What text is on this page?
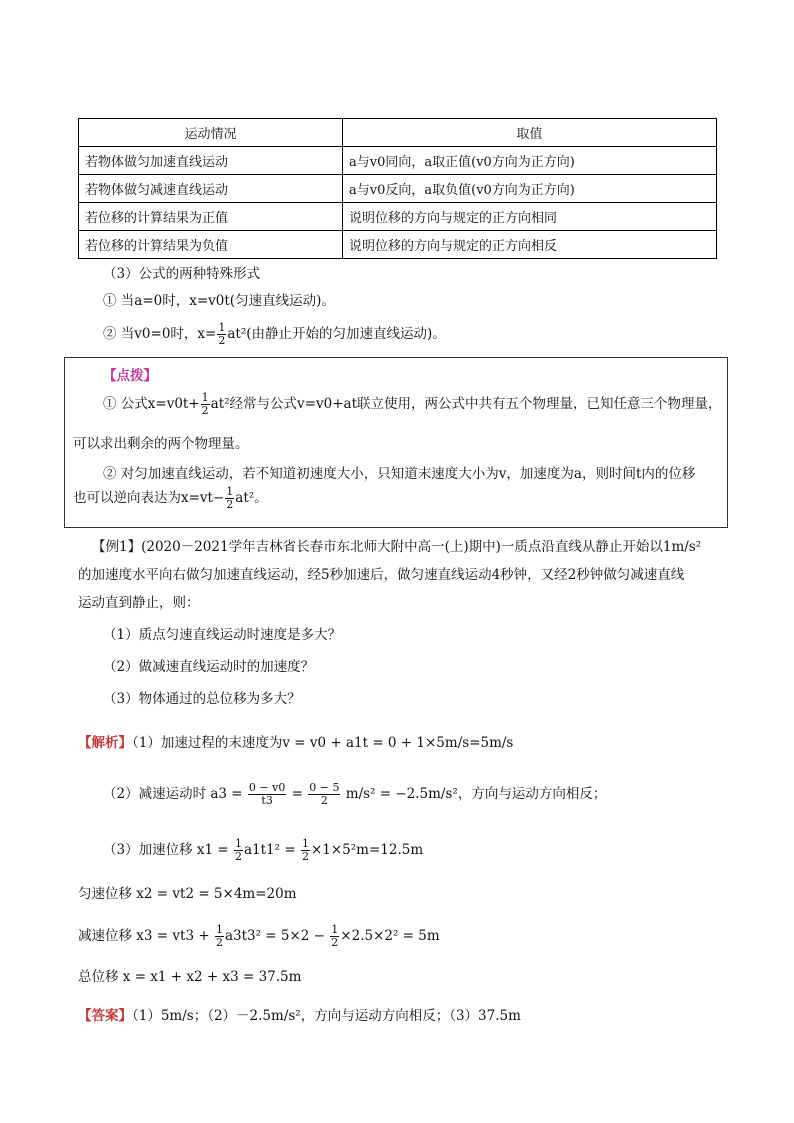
运动情况	取值
若物体做匀加速直线运动	a与v0同向，a取正值(v0方向为正方向)
若物体做匀减速直线运动	a与v0反向，a取负值(v0方向为正方向)
若位移的计算结果为正值	说明位移的方向与规定的正方向相同
若位移的计算结果为负值	说明位移的方向与规定的正方向相反
（3）公式的两种特殊形式
① 当a=0时，x=v0t(匀速直线运动)。
② 当v0=0时，$x= \frac{1}{2} at^2$(由静止开始的匀加速直线运动)。
【点拨】
① 公式$x=v0t+ \frac{1}{2} at^2$经常与公式v=v0+at联立使用，两公式中共有五个物理量，已知任意三个物理量，
可以求出剩余的两个物理量。
② 对匀加速直线运动，若不知道初速度大小，只知道末速度大小为v，加速度为a，则时间t内的位移
也可以逆向表达为$x=vt- \frac{1}{2} at^2$。
【例1】(2020－2021学年吉林省长春市东北师大附中高一(上)期中)一质点沿直线从静止开始以1m/s²
的加速度水平向右做匀加速直线运动，经5秒加速后，做匀速直线运动4秒钟，又经2秒钟做匀减速直线
运动直到静止，则：
（1）质点匀速直线运动时速度是多大？
（2）做减速直线运动时的加速度？
（3）物体通过的总位移为多大？
【解析】（1）加速过程的末速度为v = v0 + a1t = 0 + 1×5m/s=5m/s
（2）减速运动时 $a3 = \frac{0 - v0}{t3} = \frac{0 - 5}{2} m/s^2 = -2.5m/s^2$，方向与运动方向相反；
（3）加速位移 $x1 = \frac{1}{2} a1t1^2 = \frac{1}{2} \times 1\times 5^2m=12.5m$
匀速位移 x2 = vt2 = 5×4m=20m
减速位移 $x3 = vt3 + \frac{1}{2} a3t3^2 = 5\times 2 - \frac{1}{2} \times 2.5\times 2^2 = 5m$
总位移 x = x1 + x2 + x3 = 37.5m
【答案】（1）5m/s；（2）－2.5m/s²，方向与运动方向相反；（3）37.5m
